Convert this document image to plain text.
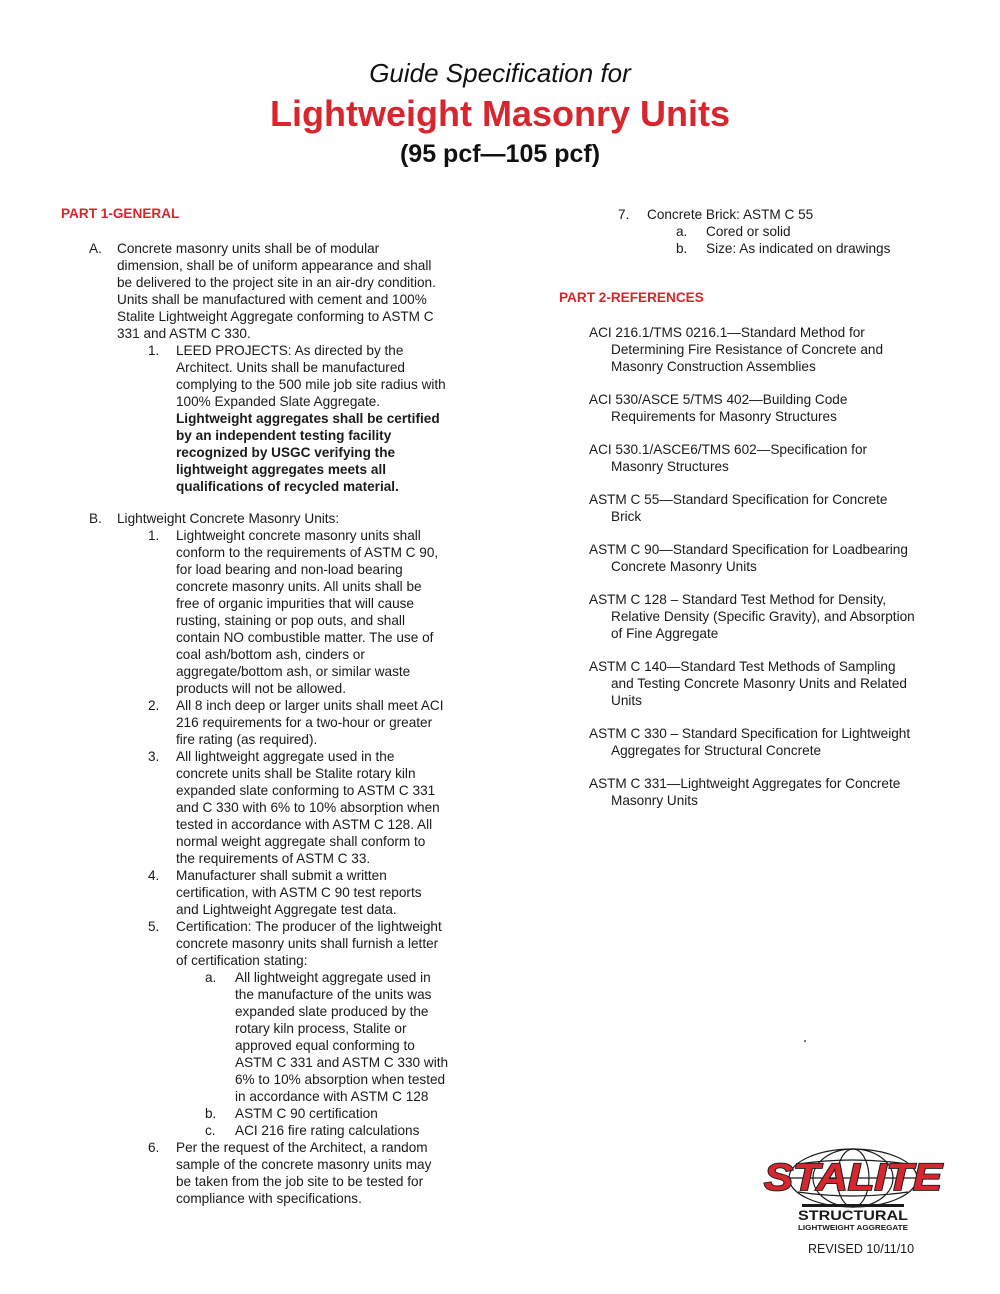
Guide Specification for
Lightweight Masonry Units
(95 pcf—105 pcf)
PART 1-GENERAL
PART 2-REFERENCES
A. Concrete masonry units shall be of modular
dimension, shall be of uniform appearance and shall
be delivered to the project site in an air-dry condition.
Units shall be manufactured with cement and 100%
Stalite Lightweight Aggregate conforming to ASTM C
331 and ASTM C 330.
1. LEED PROJECTS: As directed by the
Architect. Units shall be manufactured
complying to the 500 mile job site radius with
100% Expanded Slate Aggregate.
Lightweight aggregates shall be certified
by an independent testing facility
recognized by USGC verifying the
lightweight aggregates meets all
qualifications of recycled material.
B. Lightweight Concrete Masonry Units:
1. Lightweight concrete masonry units shall
conform to the requirements of ASTM C 90,
for load bearing and non-load bearing
concrete masonry units. All units shall be
free of organic impurities that will cause
rusting, staining or pop outs, and shall
contain NO combustible matter. The use of
coal ash/bottom ash, cinders or
aggregate/bottom ash, or similar waste
products will not be allowed.
2. All 8 inch deep or larger units shall meet ACI
216 requirements for a two-hour or greater
fire rating (as required).
3. All lightweight aggregate used in the
concrete units shall be Stalite rotary kiln
expanded slate conforming to ASTM C 331
and C 330 with 6% to 10% absorption when
tested in accordance with ASTM C 128. All
normal weight aggregate shall conform to
the requirements of ASTM C 33.
4. Manufacturer shall submit a written
certification, with ASTM C 90 test reports
and Lightweight Aggregate test data.
5. Certification: The producer of the lightweight
concrete masonry units shall furnish a letter
of certification stating:
a. All lightweight aggregate used in
the manufacture of the units was
expanded slate produced by the
rotary kiln process, Stalite or
approved equal conforming to
ASTM C 331 and ASTM C 330 with
6% to 10% absorption when tested
in accordance with ASTM C 128
b. ASTM C 90 certification
c. ACI 216 fire rating calculations
6. Per the request of the Architect, a random
sample of the concrete masonry units may
be taken from the job site to be tested for
compliance with specifications.
7. Concrete Brick: ASTM C 55
a. Cored or solid
b. Size: As indicated on drawings
ACI 216.1/TMS 0216.1—Standard Method for
Determining Fire Resistance of Concrete and
Masonry Construction Assemblies
ACI 530/ASCE 5/TMS 402—Building Code
Requirements for Masonry Structures
ACI 530.1/ASCE6/TMS 602—Specification for
Masonry Structures
ASTM C 55—Standard Specification for Concrete
Brick
ASTM C 90—Standard Specification for Loadbearing
Concrete Masonry Units
ASTM C 128 – Standard Test Method for Density,
Relative Density (Specific Gravity), and Absorption
of Fine Aggregate
ASTM C 140—Standard Test Methods of Sampling
and Testing Concrete Masonry Units and Related
Units
ASTM C 330 – Standard Specification for Lightweight
Aggregates for Structural Concrete
ASTM C 331—Lightweight Aggregates for Concrete
Masonry Units
STALITE
STRUCTURAL
LIGHTWEIGHT AGGREGATE
REVISED 10/11/10
